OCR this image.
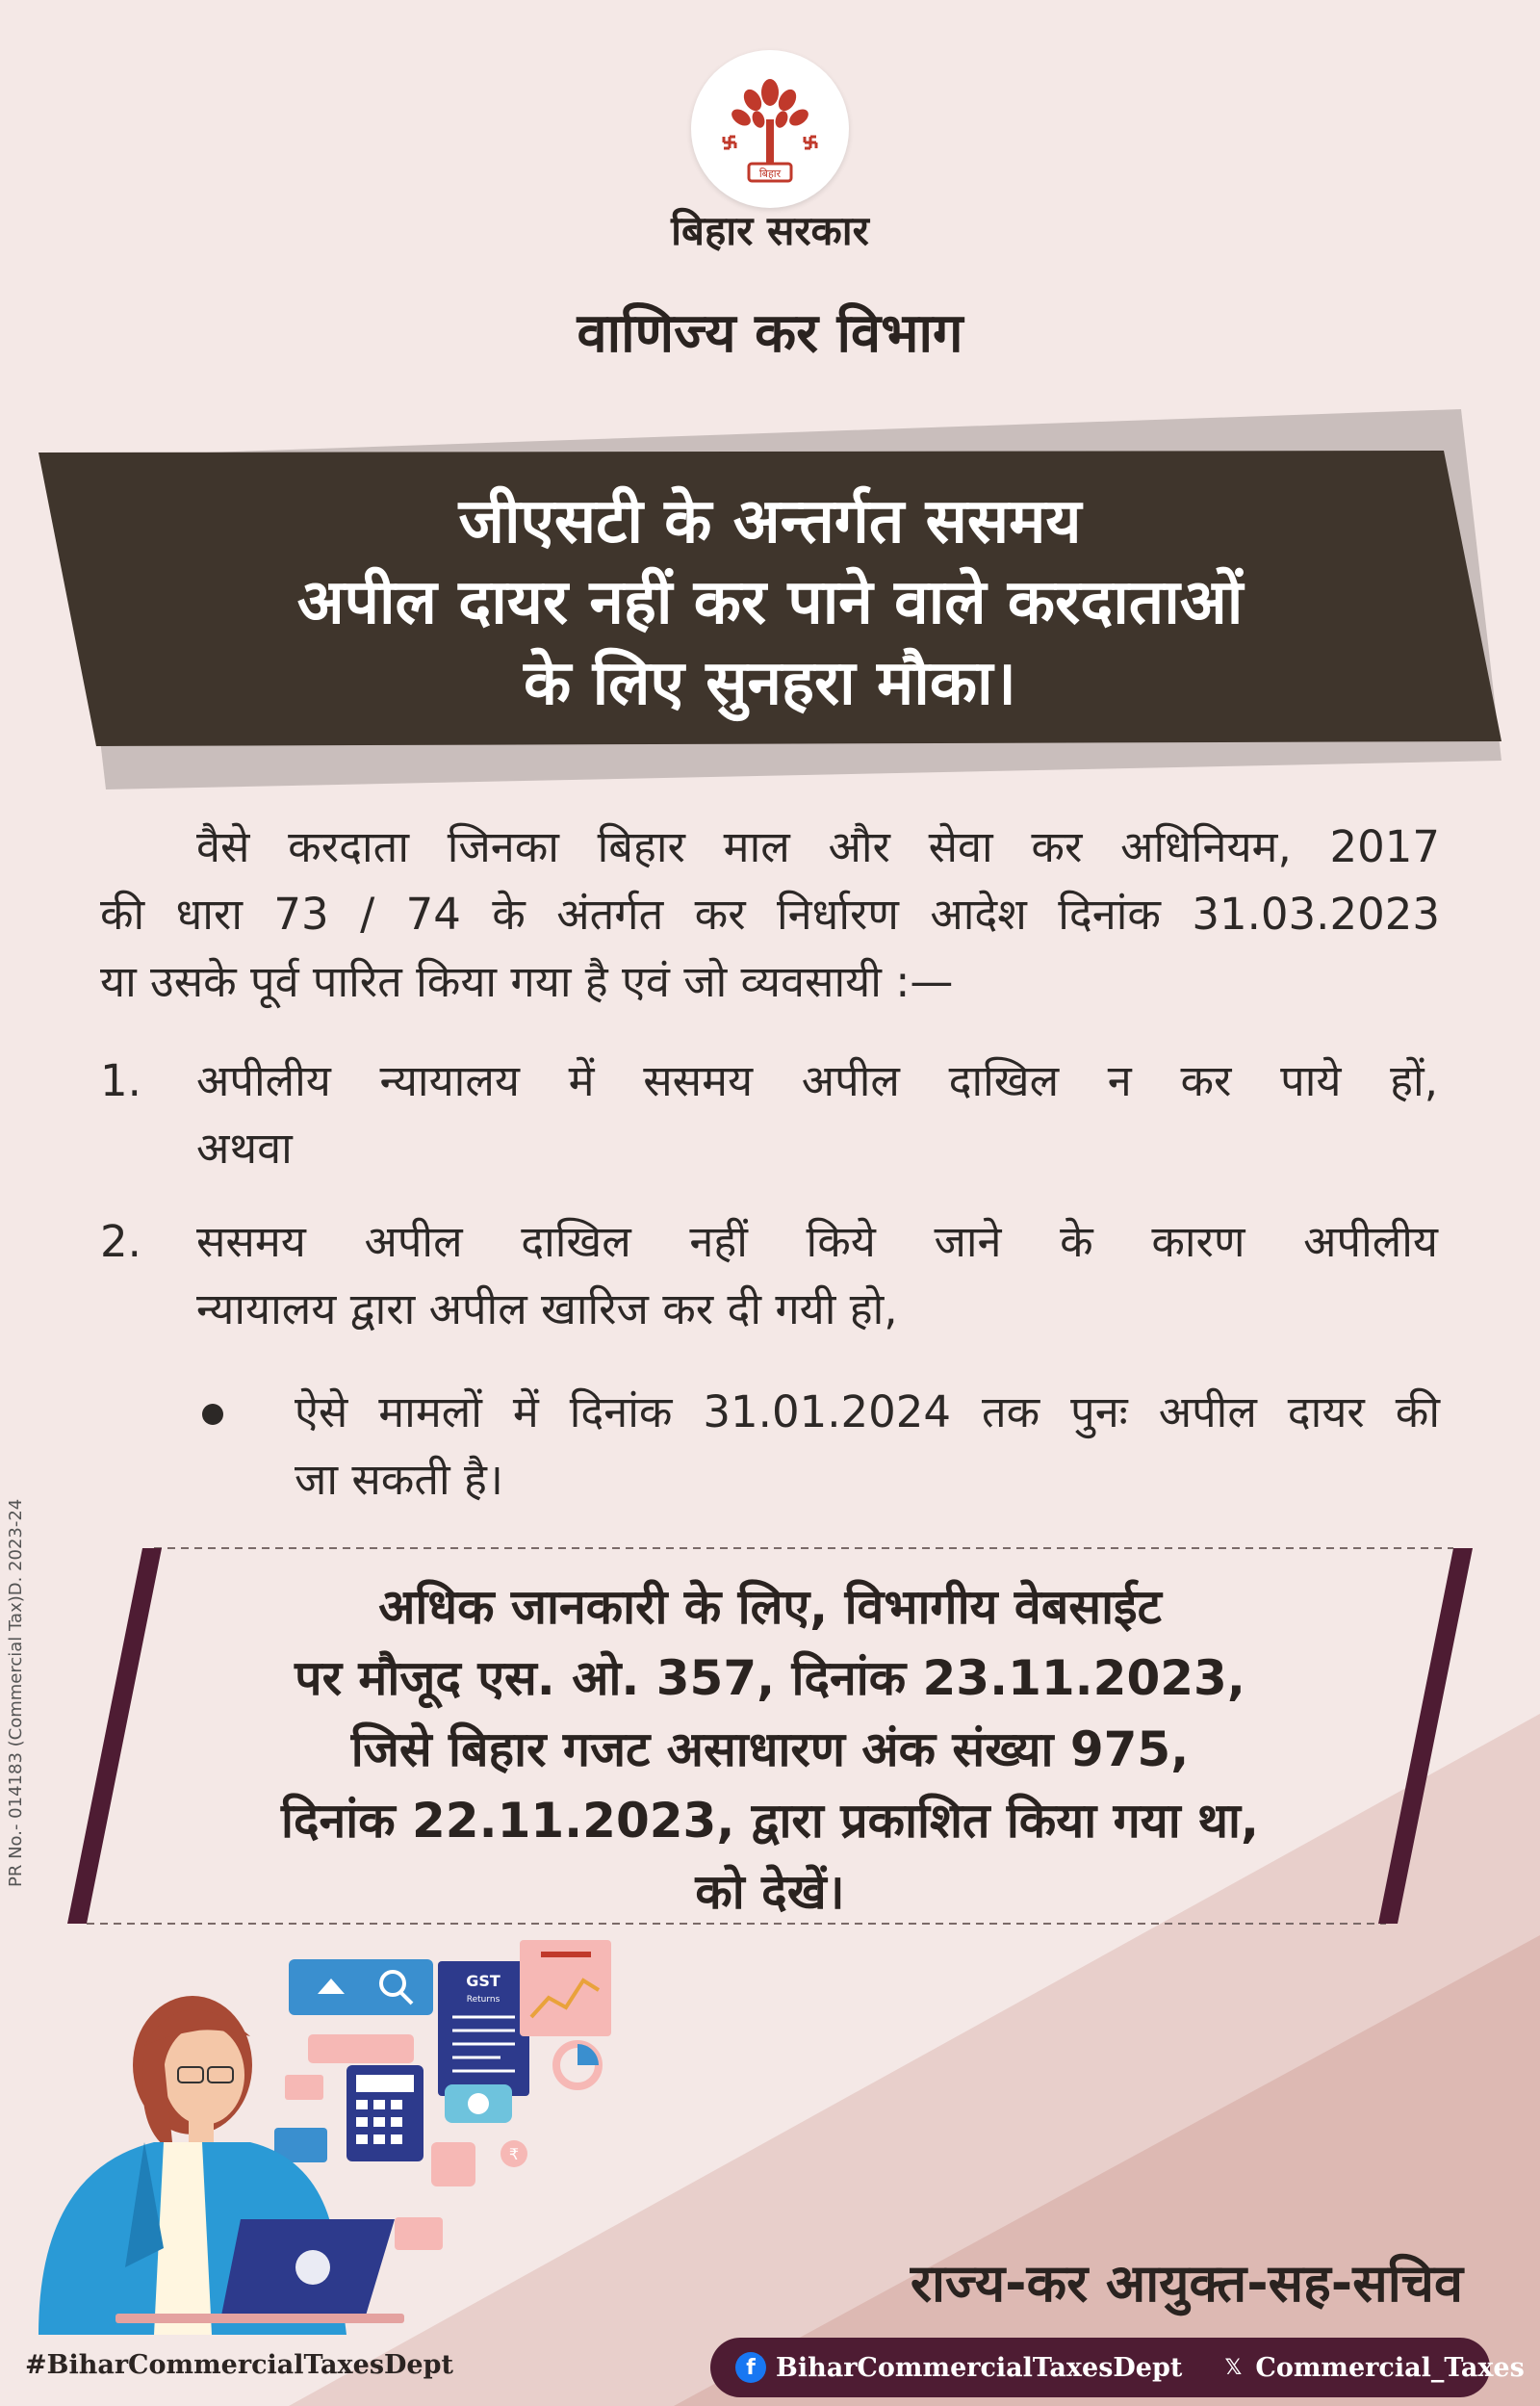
बिहार
बिहार सरकार
वाणिज्य कर विभाग
जीएसटी के अन्तर्गत ससमय
अपील दायर नहीं कर पाने वाले करदाताओं
के लिए सुनहरा मौका।
वैसे करदाता जिनका बिहार माल और सेवा कर अधिनियम, 2017
की धारा 73 / 74 के अंतर्गत कर निर्धारण आदेश दिनांक 31.03.2023
या उसके पूर्व पारित किया गया है एवं जो व्यवसायी :—
1.	अपीलीय न्यायालय में ससमय अपील दाखिल न कर पाये हों,
अथवा
2.	ससमय अपील दाखिल नहीं किये जाने के कारण अपीलीय
न्यायालय द्वारा अपील खारिज कर दी गयी हो,
ऐसे मामलों में दिनांक 31.01.2024 तक पुनः अपील दायर की
जा सकती है।
अधिक जानकारी के लिए, विभागीय वेबसाईट
पर मौजूद एस. ओ. 357, दिनांक 23.11.2023,
जिसे बिहार गजट असाधारण अंक संख्या 975,
दिनांक 22.11.2023, द्वारा प्रकाशित किया गया था,
को देखें।
PR No.- 014183 (Commercial Tax)D. 2023-24
GST
Returns
₹
राज्य-कर आयुक्त-सह-सचिव
#BiharCommercialTaxesDept	f BiharCommercialTaxesDept 𝕏 Commercial_Taxes
